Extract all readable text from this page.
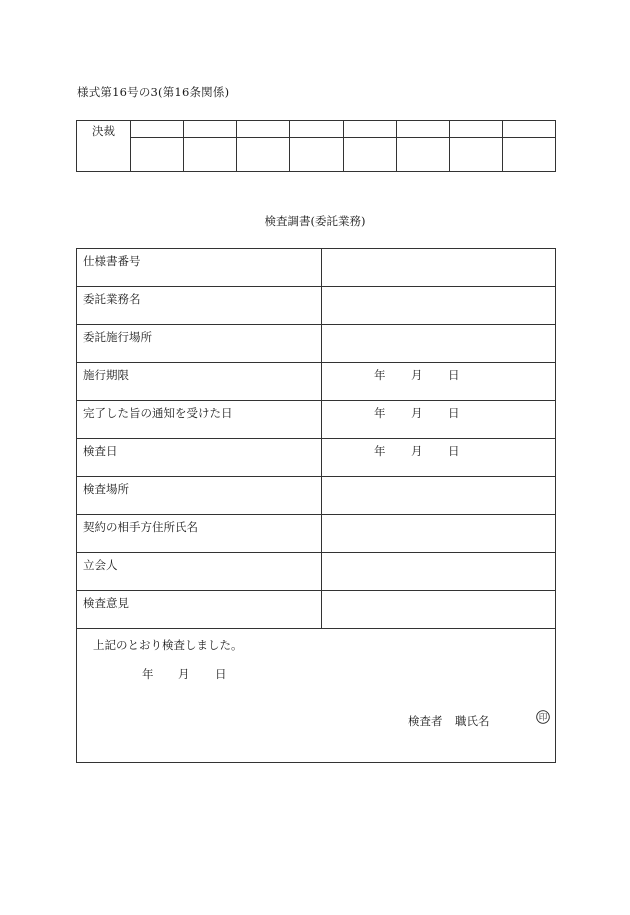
様式第16号の3(第16条関係)
決裁								

検査調書(委託業務)
仕様書番号	
委託業務名	
委託施行場所	
施行期限	年 月 日

完了した旨の通知を受けた日	年 月 日

検査日	年 月 日

検査場所	
契約の相手方住所氏名	
立会人	
検査意見	

上記のとおり検査しました。
年 月 日
検査者 職氏名 印	
